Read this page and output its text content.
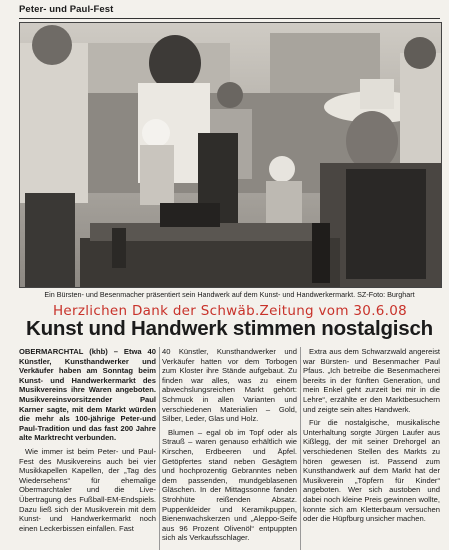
Peter- und Paul-Fest
Ein Bürsten- und Besenmacher präsentiert sein Handwerk auf dem Kunst- und Handwerkermarkt. SZ-Foto: Burghart
Herzlichen Dank der Schwäb.Zeitung vom 30.6.08
Kunst und Handwerk stimmen nostalgisch

OBERMARCHTAL (khb) – Etwa 40 Künstler, Kunsthandwerker und Verkäufer haben am Sonntag beim Kunst- und Handwerkermarkt des Musikvereins ihre Waren angeboten. Musikvereinsvorsitzender Paul Karner sagte, mit dem Markt würden die mehr als 100-jährige Peter-und Paul-Tradition und das fast 200 Jahre alte Marktrecht verbunden.

Wie immer ist beim Peter- und Paul-Fest des Musikvereins auch bei vier Musikkapellen Kapellen, der „Tag des Wiedersehens“ für ehemalige Obermarchtaler und die Live-Übertragung des Fußball-EM-Endspiels. Dazu ließ sich der Musikverein mit dem Kunst- und Handwerkermarkt noch einen Leckerbissen einfallen. Fast

40 Künstler, Kunsthandwerker und Verkäufer hatten vor dem Torbogen zum Kloster ihre Stände aufgebaut. Zu finden war alles, was zu einem abwechslungsreichen Markt gehört: Schmuck in allen Varianten und verschiedenen Materialien – Gold, Silber, Leder, Glas und Holz.

Blumen – egal ob im Topf oder als Strauß – waren genauso erhältlich wie Kirschen, Erdbeeren und Äpfel. Getöpfertes stand neben Gesägtem und hochprozentig Gebranntes neben dem passenden, mundgeblasenen Gläschen. In der Mittagssonne fanden Strohhüte reißenden Absatz. Puppenkleider und Keramikpuppen, Bienenwachskerzen und „Aleppo-Seife aus 96 Prozent Olivenöl“ entpuppten sich als Verkaufsschlager.

Extra aus dem Schwarzwald angereist war Bürsten- und Besenmacher Paul Pfaus. „Ich betreibe die Besenmacherei bereits in der fünften Generation, und mein Enkel geht zurzeit bei mir in die Lehre“, erzählte er den Marktbesuchern und zeigte sein altes Handwerk.

Für die nostalgische, musikalische Unterhaltung sorgte Jürgen Laufer aus Kißlegg, der mit seiner Drehorgel an verschiedenen Stellen des Markts zu hören gewesen ist. Passend zum Kunsthandwerk auf dem Markt hat der Musikverein „Töpfern für Kinder“ angeboten. Wer sich austoben und dabei noch kleine Preis gewinnen wollte, konnte sich am Kletterbaum versuchen oder die Hüpfburg unsicher machen.
